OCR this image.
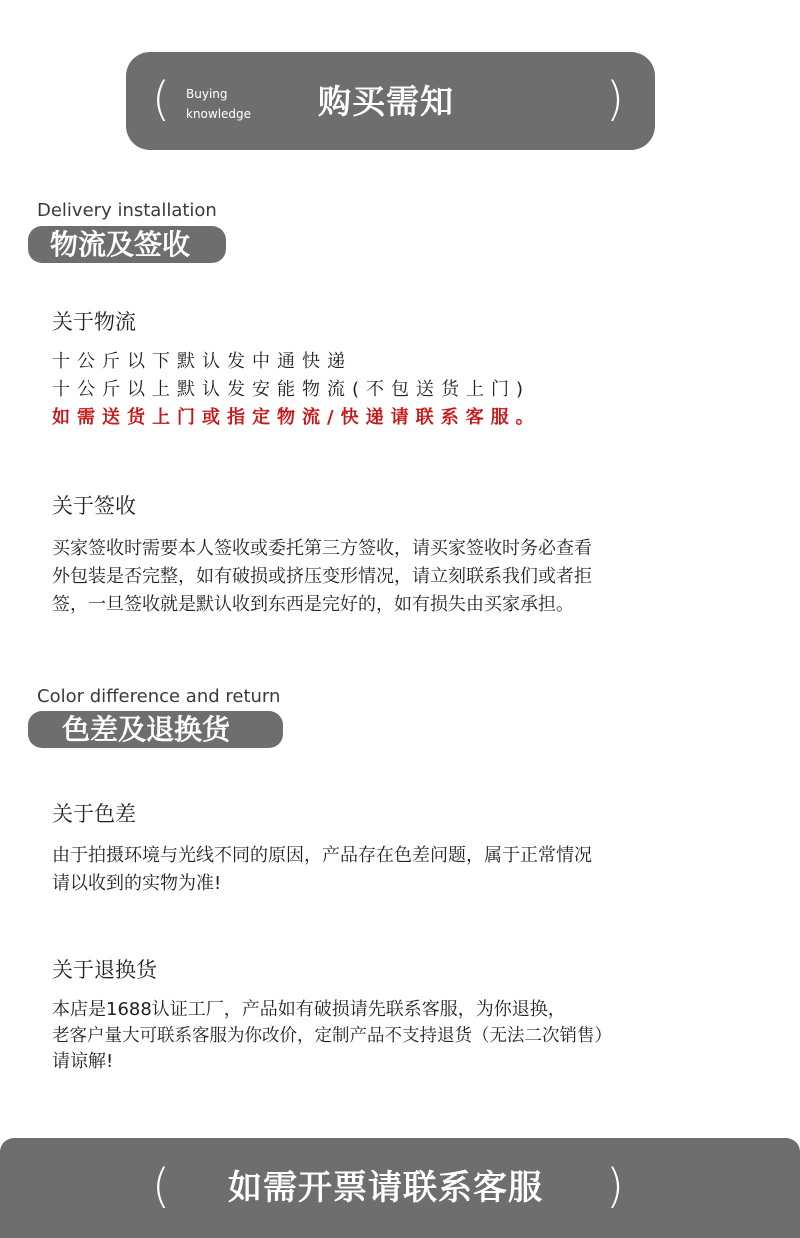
( Buying
knowledge	购买需知	)
Delivery installation
物流及签收
关于物流
十公斤以下默认发中通快递
十公斤以上默认发安能物流(不包送货上门)
如需送货上门或指定物流/快递请联系客服。
关于签收
买家签收时需要本人签收或委托第三方签收，请买家签收时务必查看
外包装是否完整，如有破损或挤压变形情况，请立刻联系我们或者拒
签，一旦签收就是默认收到东西是完好的，如有损失由买家承担。
Color difference and return
色差及退换货
关于色差
由于拍摄环境与光线不同的原因，产品存在色差问题，属于正常情况
请以收到的实物为准!
关于退换货
本店是1688认证工厂，产品如有破损请先联系客服，为你退换，
老客户量大可联系客服为你改价，定制产品不支持退货（无法二次销售）
请谅解!
( 如需开票请联系客服 )
